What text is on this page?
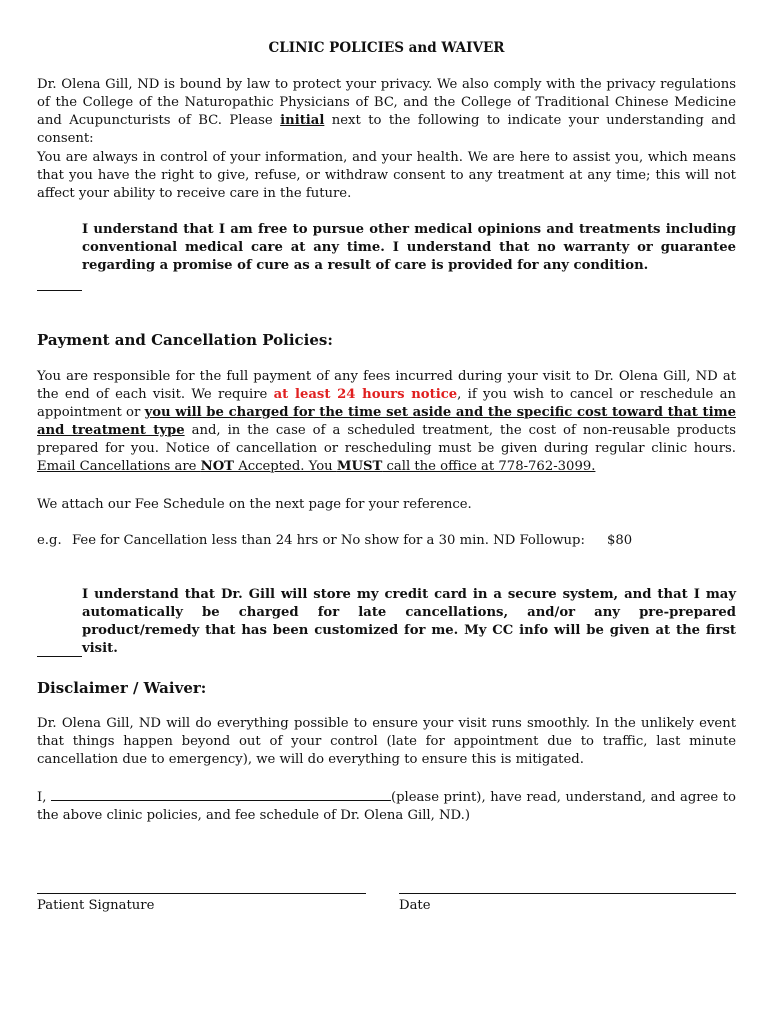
CLINIC POLICIES and WAIVER
Dr. Olena Gill, ND is bound by law to protect your privacy. We also comply with the privacy regulations of the College of the Naturopathic Physicians of BC, and the College of Traditional Chinese Medicine and Acupuncturists of BC. Please initial next to the following to indicate your understanding and consent:
You are always in control of your information, and your health. We are here to assist you, which means that you have the right to give, refuse, or withdraw consent to any treatment at any time; this will not affect your ability to receive care in the future.
I understand that I am free to pursue other medical opinions and treatments including conventional medical care at any time. I understand that no warranty or guarantee regarding a promise of cure as a result of care is provided for any condition.
Payment and Cancellation Policies:
You are responsible for the full payment of any fees incurred during your visit to Dr. Olena Gill, ND at the end of each visit. We require at least 24 hours notice, if you wish to cancel or reschedule an appointment or you will be charged for the time set aside and the specific cost toward that time and treatment type and, in the case of a scheduled treatment, the cost of non-reusable products prepared for you. Notice of cancellation or rescheduling must be given during regular clinic hours. Email Cancellations are NOT Accepted. You MUST call the office at 778-762-3099.
We attach our Fee Schedule on the next page for your reference.
e.g. Fee for Cancellation less than 24 hrs or No show for a 30 min. ND Followup: $80
I understand that Dr. Gill will store my credit card in a secure system, and that I may automatically be charged for late cancellations, and/or any pre-prepared product/remedy that has been customized for me. My CC info will be given at the first visit.
Disclaimer / Waiver:
Dr. Olena Gill, ND will do everything possible to ensure your visit runs smoothly. In the unlikely event that things happen beyond out of your control (late for appointment due to traffic, last minute cancellation due to emergency), we will do everything to ensure this is mitigated.
I,	(please print), have read, understand, and agree to the above clinic policies, and fee schedule of Dr. Olena Gill, ND.)
Patient Signature	Date
